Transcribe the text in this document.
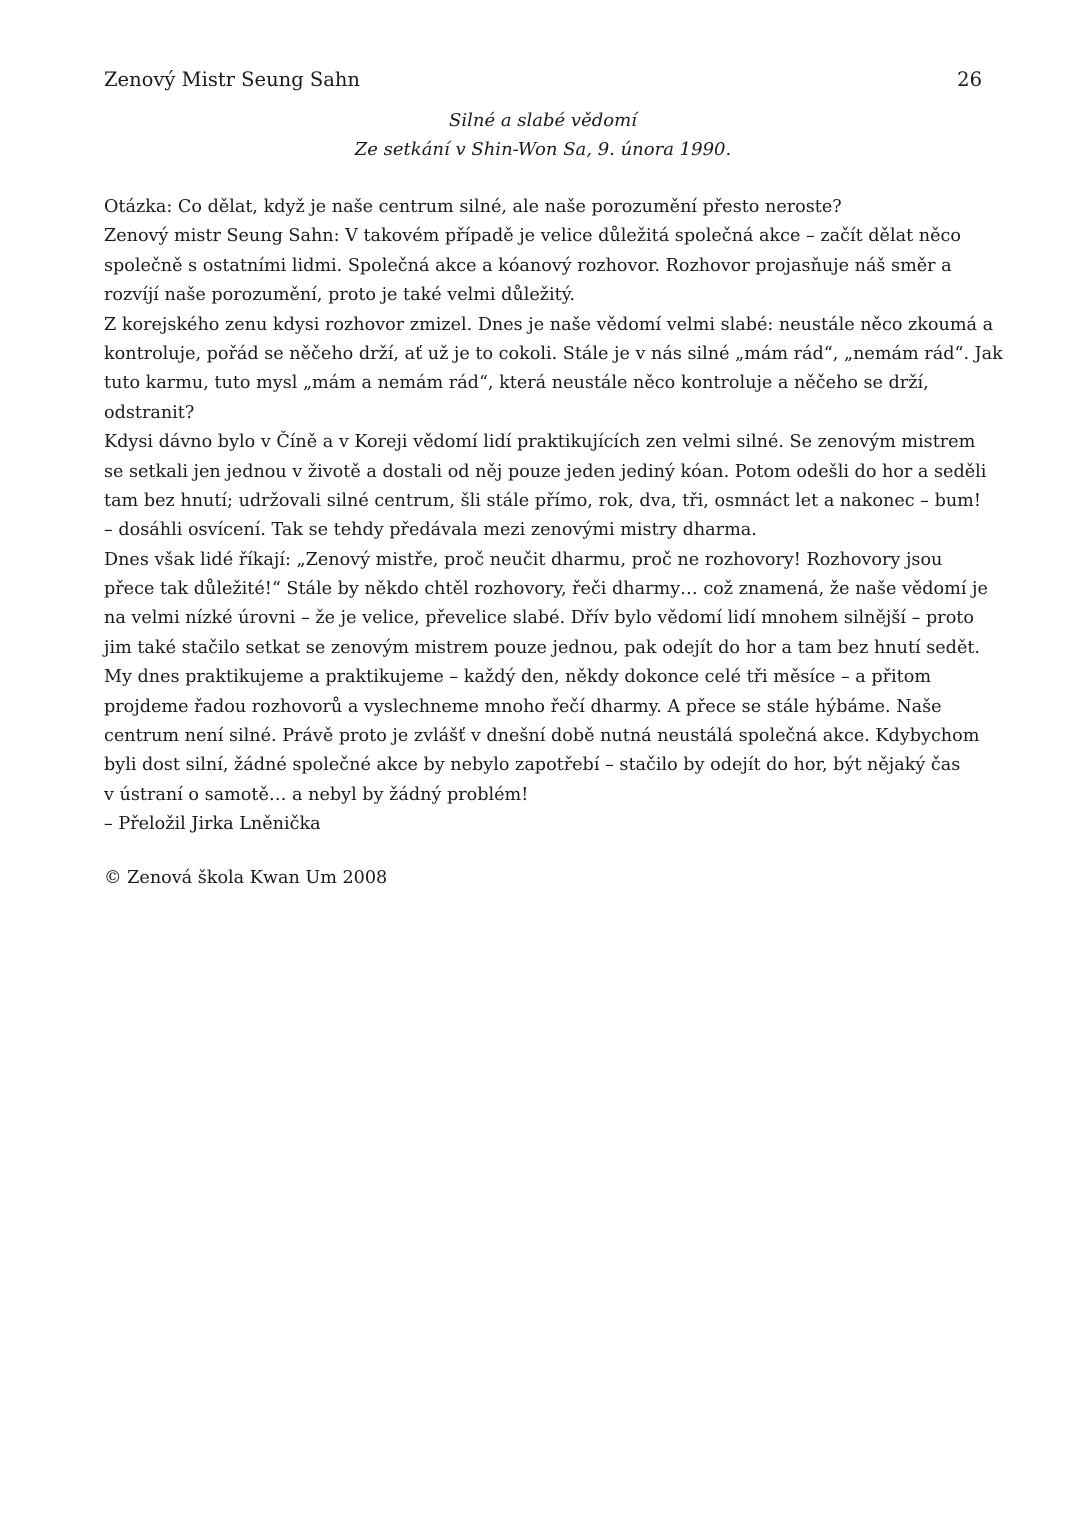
Zenový Mistr Seung Sahn	26
Silné a slabé vědomí
Ze setkání v Shin-Won Sa, 9. února 1990.
Otázka: Co dělat, když je naše centrum silné, ale naše porozumění přesto neroste?
Zenový mistr Seung Sahn: V takovém případě je velice důležitá společná akce – začít dělat něco
společně s ostatními lidmi. Společná akce a kóanový rozhovor. Rozhovor projasňuje náš směr a
rozvíjí naše porozumění, proto je také velmi důležitý.
Z korejského zenu kdysi rozhovor zmizel. Dnes je naše vědomí velmi slabé: neustále něco zkoumá a
kontroluje, pořád se něčeho drží, ať už je to cokoli. Stále je v nás silné „mám rád“, „nemám rád“. Jak
tuto karmu, tuto mysl „mám a nemám rád“, která neustále něco kontroluje a něčeho se drží,
odstranit?
Kdysi dávno bylo v Číně a v Koreji vědomí lidí praktikujících zen velmi silné. Se zenovým mistrem
se setkali jen jednou v životě a dostali od něj pouze jeden jediný kóan. Potom odešli do hor a seděli
tam bez hnutí; udržovali silné centrum, šli stále přímo, rok, dva, tři, osmnáct let a nakonec – bum!
– dosáhli osvícení. Tak se tehdy předávala mezi zenovými mistry dharma.
Dnes však lidé říkají: „Zenový mistře, proč neučit dharmu, proč ne rozhovory! Rozhovory jsou
přece tak důležité!“ Stále by někdo chtěl rozhovory, řeči dharmy… což znamená, že naše vědomí je
na velmi nízké úrovni – že je velice, převelice slabé. Dřív bylo vědomí lidí mnohem silnější – proto
jim také stačilo setkat se zenovým mistrem pouze jednou, pak odejít do hor a tam bez hnutí sedět.
My dnes praktikujeme a praktikujeme – každý den, někdy dokonce celé tři měsíce – a přitom
projdeme řadou rozhovorů a vyslechneme mnoho řečí dharmy. A přece se stále hýbáme. Naše
centrum není silné. Právě proto je zvlášť v dnešní době nutná neustálá společná akce. Kdybychom
byli dost silní, žádné společné akce by nebylo zapotřebí – stačilo by odejít do hor, být nějaký čas
v ústraní o samotě… a nebyl by žádný problém!
– Přeložil Jirka Lněnička
© Zenová škola Kwan Um 2008
